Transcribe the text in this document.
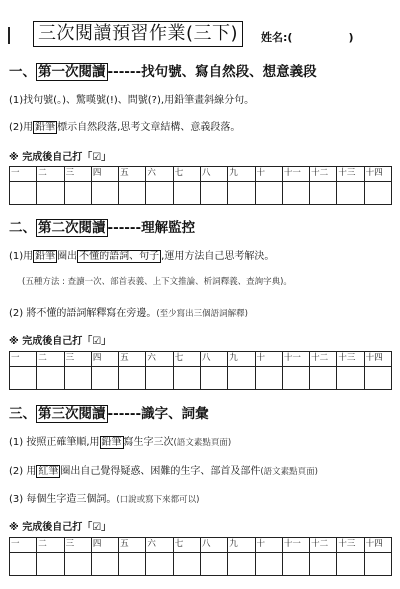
三次閱讀預習作業(三下)	姓名:(	)
一、 第一次閱讀 ------找句號、寫自然段、想意義段
(1)找句號(。)、驚嘆號(!)、問號(?),用鉛筆畫斜線分句。
(2)用 鉛筆 標示自然段落,思考文章結構、意義段落。
※ 完成後自己打「☑」
一	二	三	四	五	六	七	八	九	十	十一	十二	十三	十四

二、 第二次閱讀 ------理解監控
(1)用 鉛筆 圈出 不懂的語詞、句子 ,運用方法自己思考解決。
(五種方法 : 查讀一次、部首表義、上下文推論、析詞釋義、查詢字典)。
(2) 將不懂的語詞解釋寫在旁邊。(至少寫出三個語詞解釋)
※ 完成後自己打「☑」
一	二	三	四	五	六	七	八	九	十	十一	十二	十三	十四

三、 第三次閱讀 ------識字、詞彙
(1) 按照正確筆順,用 鉛筆 寫生字三次(語文素點頁面)
(2) 用 紅筆 圈出自己覺得疑惑、困難的生字、部首及部件(語文素點頁面)
(3) 每個生字造三個詞。(口說或寫下來都可以)
※ 完成後自己打「☑」
一	二	三	四	五	六	七	八	九	十	十一	十二	十三	十四
